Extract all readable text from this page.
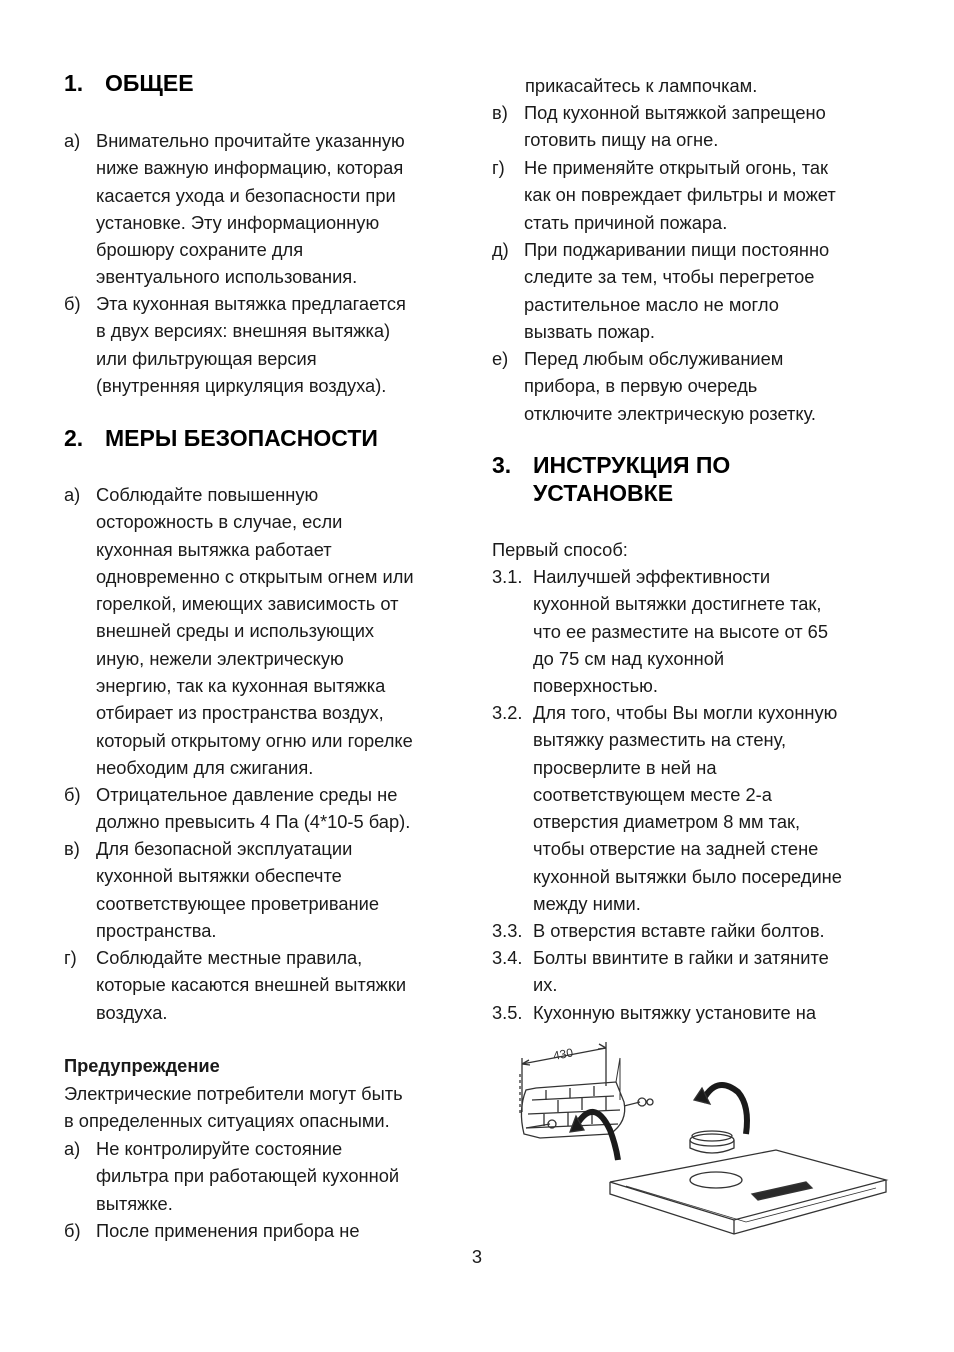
1. ОБЩЕЕ
а) Внимательно прочитайте указанную
ниже важную информацию, которая
касается ухода и безопасности при
установке. Эту информационную
брошюру сохраните для
эвентуального использования.
б) Эта кухонная вытяжка предлагается
в двух версиях: внешняя вытяжка)
или фильтрующая версия
(внутренняя циркуляция воздуха).
2. МЕРЫ БЕЗОПАСНОСТИ
а) Соблюдайте повышенную
осторожность в случае, если
кухонная вытяжка работает
одновременно с открытым огнем или
горелкой, имеющих зависимость от
внешней среды и использующих
иную, нежели электрическую
энергию, так ка кухонная вытяжка
отбирает из пространства воздух,
который открытому огню или горелке
необходим для сжигания.
б) Отрицательное давление среды не
должно превысить 4 Па (4*10-5 бар).
в) Для безопасной эксплуатации
кухонной вытяжки обеспечте
соответствующее проветривание
пространства.
г) Соблюдайте местные правила,
которые касаются внешней вытяжки
воздуха.
Предупреждение
Электрические потребители могут быть
в определенных ситуациях опасными.
а) Не контролируйте состояние
фильтра при работающей кухонной
вытяжке.
б) После применения прибора не
прикасайтесь к лампочкам.
в) Под кухонной вытяжкой запрещено
готовить пищу на огне.
г) Не применяйте открытый огонь, так
как он повреждает фильтры и может
стать причиной пожара.
д) При поджаривании пищи постоянно
следите за тем, чтобы перегретое
растительное масло не могло
вызвать пожар.
е) Перед любым обслуживанием
прибора, в первую очередь
отключите электрическую розетку.
3. ИНСТРУКЦИЯ ПО
УСТАНОВКЕ
Первый способ:
3.1. Наилучшей эффективности
кухонной вытяжки достигнете так,
что ее разместите на высоте от 65
до 75 см над кухонной
поверхностью.
3.2. Для того, чтобы Вы могли кухонную
вытяжку разместить на стену,
просверлите в ней на
соответствующем месте 2-а
отверстия диаметром 8 мм так,
чтобы отверстие на задней стене
кухонной вытяжки было посередине
между ними.
3.3. В отверстия вставте гайки болтов.
3.4. Болты ввинтите в гайки и затяните
их.
3.5. Кухонную вытяжку установите на
430
3
